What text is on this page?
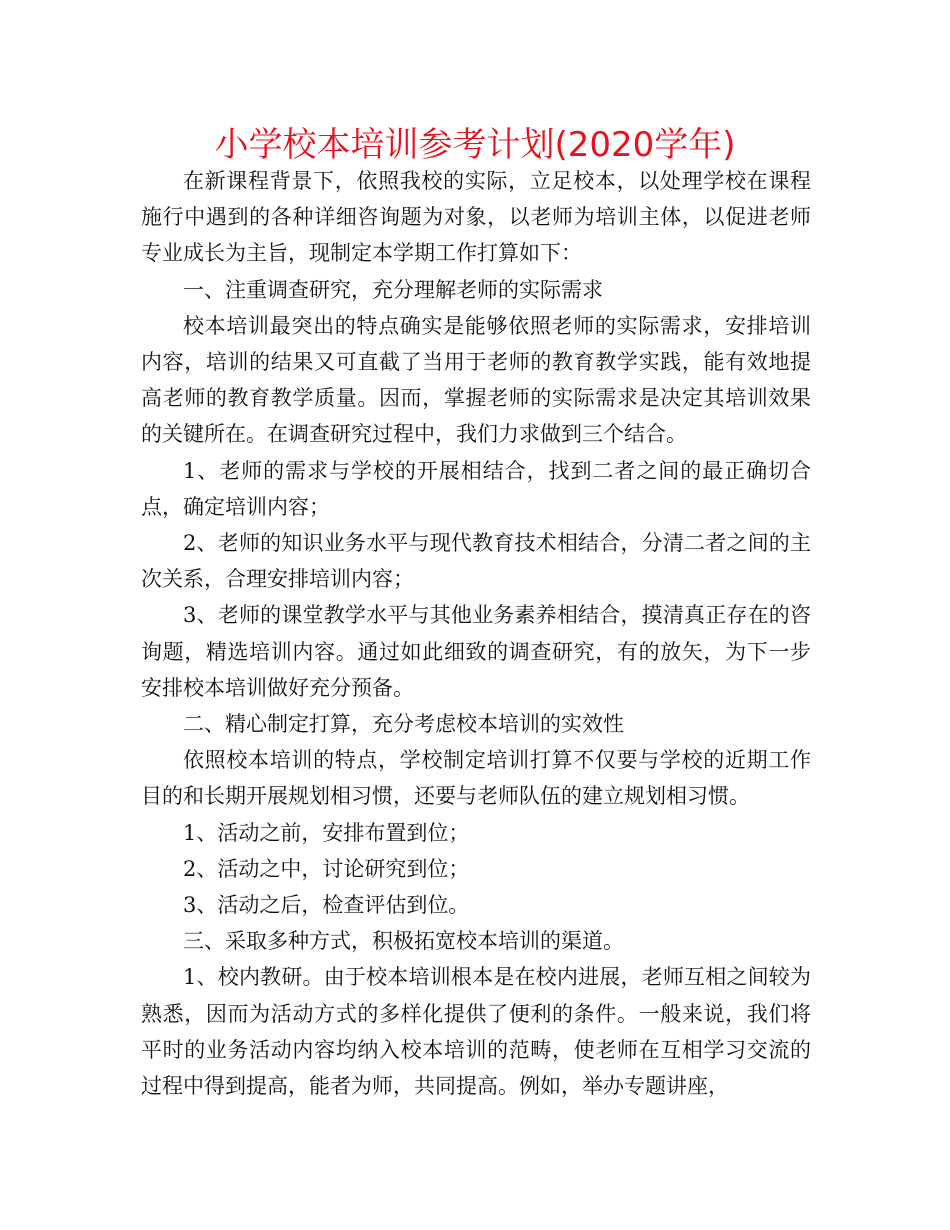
小学校本培训参考计划(2020学年)

在新课程背景下，依照我校的实际，立足校本，以处理学校在课程施行中遇到的各种详细咨询题为对象，以老师为培训主体，以促进老师专业成长为主旨，现制定本学期工作打算如下：

一、注重调查研究，充分理解老师的实际需求

校本培训最突出的特点确实是能够依照老师的实际需求，安排培训内容，培训的结果又可直截了当用于老师的教育教学实践，能有效地提高老师的教育教学质量。因而，掌握老师的实际需求是决定其培训效果的关键所在。在调查研究过程中，我们力求做到三个结合。

1、老师的需求与学校的开展相结合，找到二者之间的最正确切合点，确定培训内容；

2、老师的知识业务水平与现代教育技术相结合，分清二者之间的主次关系，合理安排培训内容；

3、老师的课堂教学水平与其他业务素养相结合，摸清真正存在的咨询题，精选培训内容。通过如此细致的调查研究，有的放矢，为下一步安排校本培训做好充分预备。

二、精心制定打算，充分考虑校本培训的实效性

依照校本培训的特点，学校制定培训打算不仅要与学校的近期工作目的和长期开展规划相习惯，还要与老师队伍的建立规划相习惯。

1、活动之前，安排布置到位；

2、活动之中，讨论研究到位；

3、活动之后，检查评估到位。

三、采取多种方式，积极拓宽校本培训的渠道。

1、校内教研。由于校本培训根本是在校内进展，老师互相之间较为熟悉，因而为活动方式的多样化提供了便利的条件。一般来说，我们将平时的业务活动内容均纳入校本培训的范畴，使老师在互相学习交流的过程中得到提高，能者为师，共同提高。例如，举办专题讲座，
